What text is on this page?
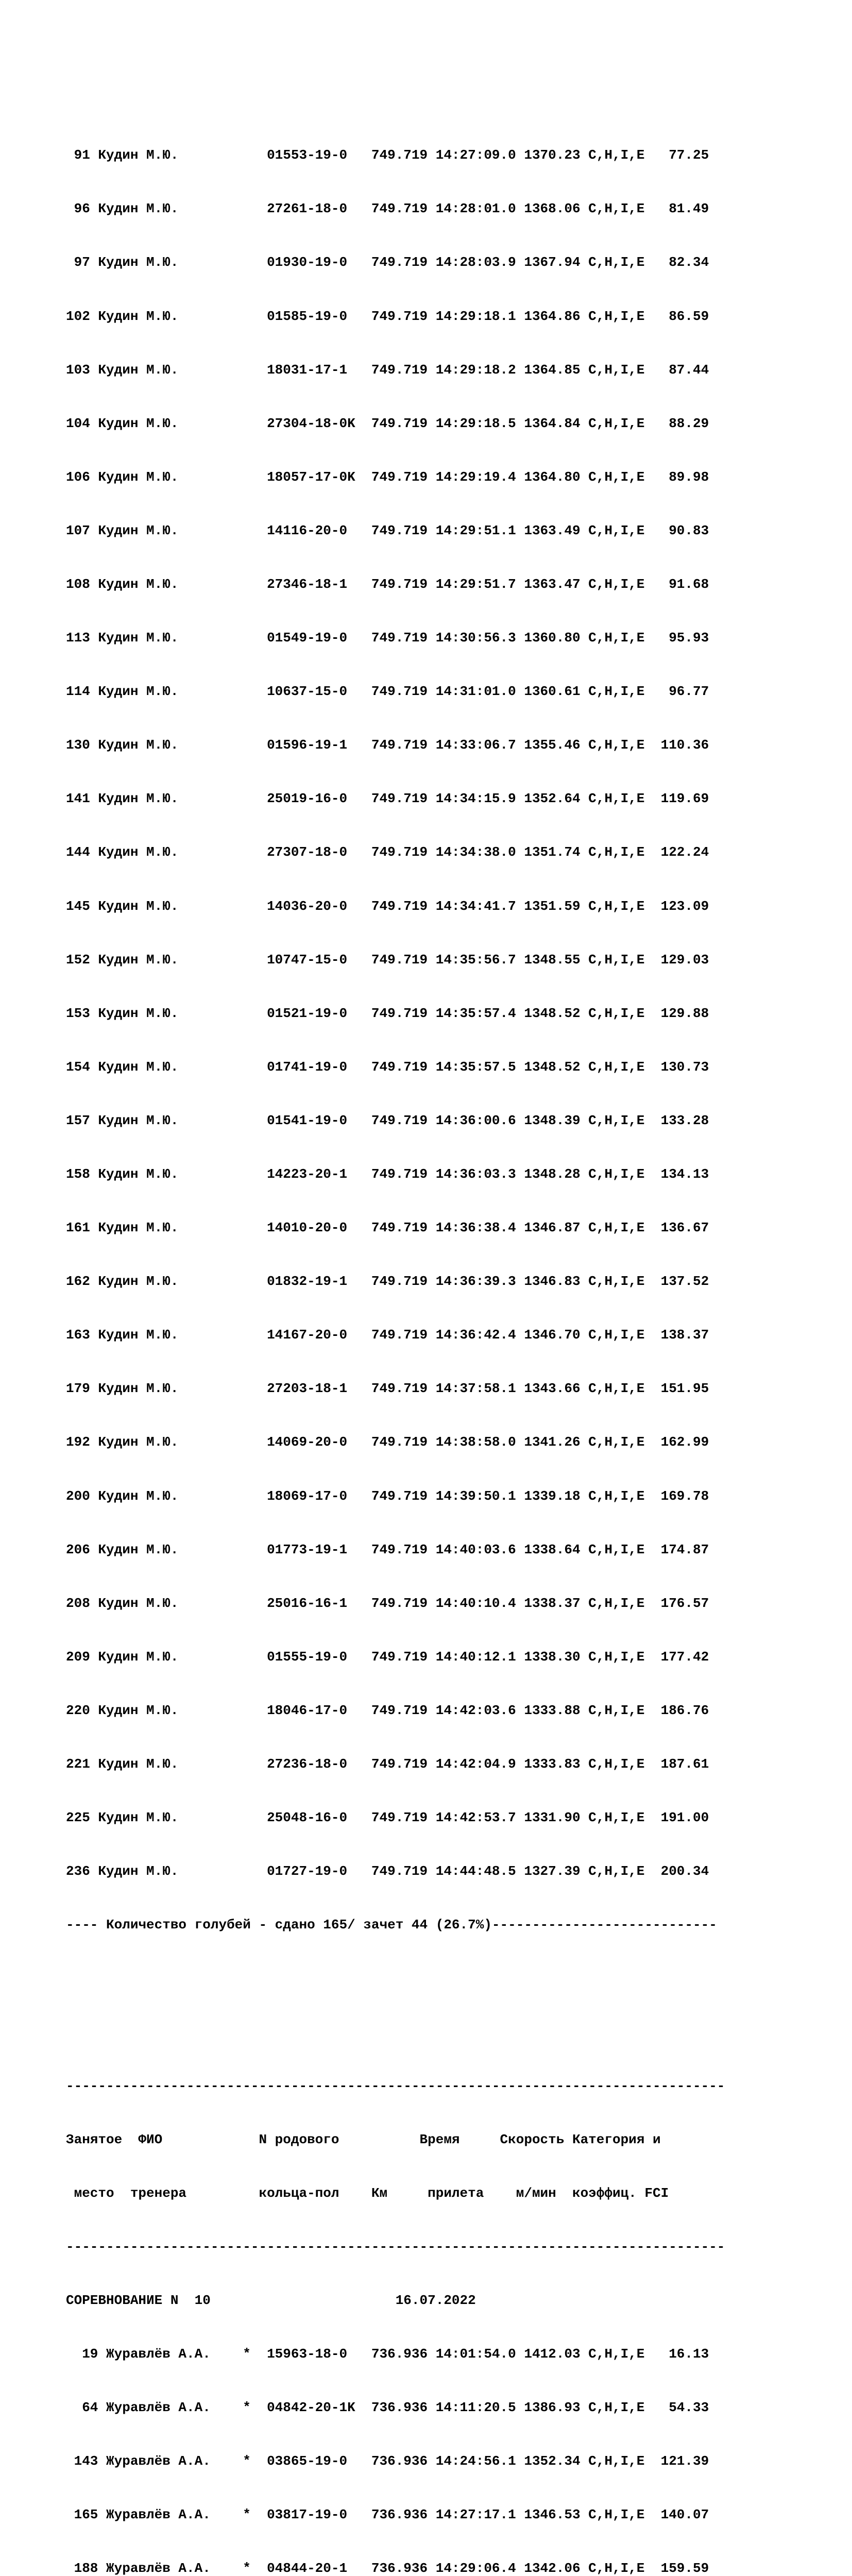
91 Кудин М.Ю.           01553-19-0   749.719 14:27:09.0 1370.23 C,H,I,E   77.25

96 Кудин М.Ю.           27261-18-0   749.719 14:28:01.0 1368.06 C,H,I,E   81.49

97 Кудин М.Ю.           01930-19-0   749.719 14:28:03.9 1367.94 C,H,I,E   82.34

102 Кудин М.Ю.           01585-19-0   749.719 14:29:18.1 1364.86 C,H,I,E   86.59

103 Кудин М.Ю.           18031-17-1   749.719 14:29:18.2 1364.85 C,H,I,E   87.44

104 Кудин М.Ю.           27304-18-0K  749.719 14:29:18.5 1364.84 C,H,I,E   88.29

106 Кудин М.Ю.           18057-17-0K  749.719 14:29:19.4 1364.80 C,H,I,E   89.98

107 Кудин М.Ю.           14116-20-0   749.719 14:29:51.1 1363.49 C,H,I,E   90.83

108 Кудин М.Ю.           27346-18-1   749.719 14:29:51.7 1363.47 C,H,I,E   91.68

113 Кудин М.Ю.           01549-19-0   749.719 14:30:56.3 1360.80 C,H,I,E   95.93

114 Кудин М.Ю.           10637-15-0   749.719 14:31:01.0 1360.61 C,H,I,E   96.77

130 Кудин М.Ю.           01596-19-1   749.719 14:33:06.7 1355.46 C,H,I,E  110.36

141 Кудин М.Ю.           25019-16-0   749.719 14:34:15.9 1352.64 C,H,I,E  119.69

144 Кудин М.Ю.           27307-18-0   749.719 14:34:38.0 1351.74 C,H,I,E  122.24

145 Кудин М.Ю.           14036-20-0   749.719 14:34:41.7 1351.59 C,H,I,E  123.09

152 Кудин М.Ю.           10747-15-0   749.719 14:35:56.7 1348.55 C,H,I,E  129.03

153 Кудин М.Ю.           01521-19-0   749.719 14:35:57.4 1348.52 C,H,I,E  129.88

154 Кудин М.Ю.           01741-19-0   749.719 14:35:57.5 1348.52 C,H,I,E  130.73

157 Кудин М.Ю.           01541-19-0   749.719 14:36:00.6 1348.39 C,H,I,E  133.28

158 Кудин М.Ю.           14223-20-1   749.719 14:36:03.3 1348.28 C,H,I,E  134.13

161 Кудин М.Ю.           14010-20-0   749.719 14:36:38.4 1346.87 C,H,I,E  136.67

162 Кудин М.Ю.           01832-19-1   749.719 14:36:39.3 1346.83 C,H,I,E  137.52

163 Кудин М.Ю.           14167-20-0   749.719 14:36:42.4 1346.70 C,H,I,E  138.37

179 Кудин М.Ю.           27203-18-1   749.719 14:37:58.1 1343.66 C,H,I,E  151.95

192 Кудин М.Ю.           14069-20-0   749.719 14:38:58.0 1341.26 C,H,I,E  162.99

200 Кудин М.Ю.           18069-17-0   749.719 14:39:50.1 1339.18 C,H,I,E  169.78

206 Кудин М.Ю.           01773-19-1   749.719 14:40:03.6 1338.64 C,H,I,E  174.87

208 Кудин М.Ю.           25016-16-1   749.719 14:40:10.4 1338.37 C,H,I,E  176.57

209 Кудин М.Ю.           01555-19-0   749.719 14:40:12.1 1338.30 C,H,I,E  177.42

220 Кудин М.Ю.           18046-17-0   749.719 14:42:03.6 1333.88 C,H,I,E  186.76

221 Кудин М.Ю.           27236-18-0   749.719 14:42:04.9 1333.83 C,H,I,E  187.61

225 Кудин М.Ю.           25048-16-0   749.719 14:42:53.7 1331.90 C,H,I,E  191.00

236 Кудин М.Ю.           01727-19-0   749.719 14:44:48.5 1327.39 C,H,I,E  200.34

---- Количество голубей - сдано 165/ зачет 44 (26.7%)----------------------------

----------------------------------------------------------------------------------

Занятое  ФИО            N родового          Время     Скорость Категория и

место  тренера         кольца-пол    Км     прилета    м/мин  коэффиц. FCI

----------------------------------------------------------------------------------

СОРЕВНОВАНИЕ N  10                       16.07.2022

19 Журавлёв А.А.    *  15963-18-0   736.936 14:01:54.0 1412.03 C,H,I,E   16.13

64 Журавлёв А.А.    *  04842-20-1K  736.936 14:11:20.5 1386.93 C,H,I,E   54.33

143 Журавлёв А.А.    *  03865-19-0   736.936 14:24:56.1 1352.34 C,H,I,E  121.39

165 Журавлёв А.А.    *  03817-19-0   736.936 14:27:17.1 1346.53 C,H,I,E  140.07

188 Журавлёв А.А.    *  04844-20-1   736.936 14:29:06.4 1342.06 C,H,I,E  159.59
